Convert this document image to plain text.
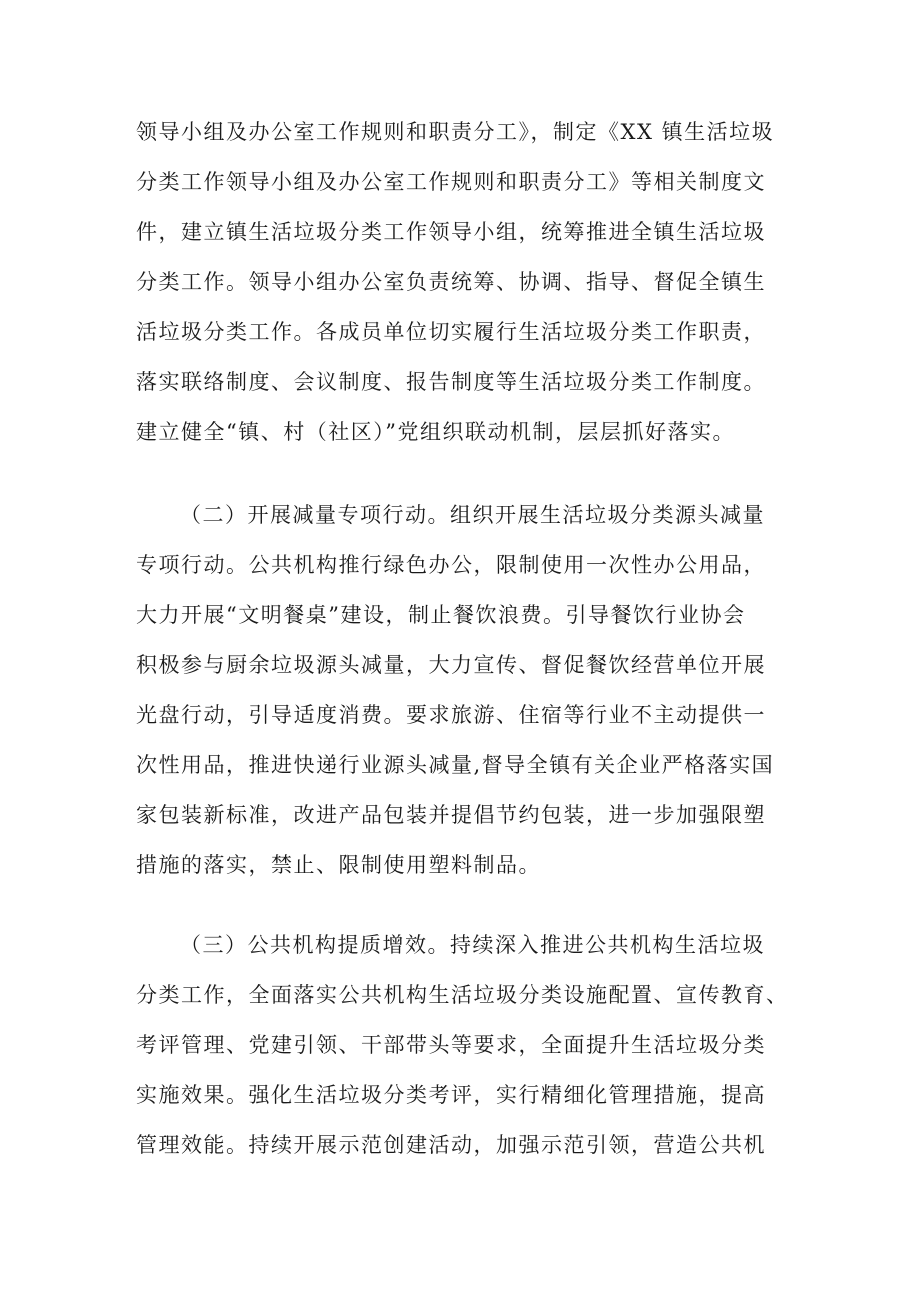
领导小组及办公室工作规则和职责分工》，制定《XX 镇生活垃圾
分类工作领导小组及办公室工作规则和职责分工》等相关制度文
件，建立镇生活垃圾分类工作领导小组，统筹推进全镇生活垃圾
分类工作。领导小组办公室负责统筹、协调、指导、督促全镇生
活垃圾分类工作。各成员单位切实履行生活垃圾分类工作职责，
落实联络制度、会议制度、报告制度等生活垃圾分类工作制度。
建立健全“镇、村（社区）”党组织联动机制，层层抓好落实。
（二）开展减量专项行动。组织开展生活垃圾分类源头减量
专项行动。公共机构推行绿色办公，限制使用一次性办公用品，
大力开展“文明餐桌”建设，制止餐饮浪费。引导餐饮行业协会
积极参与厨余垃圾源头减量，大力宣传、督促餐饮经营单位开展
光盘行动，引导适度消费。要求旅游、住宿等行业不主动提供一
次性用品，推进快递行业源头减量,督导全镇有关企业严格落实国
家包装新标准，改进产品包装并提倡节约包装，进一步加强限塑
措施的落实，禁止、限制使用塑料制品。
（三）公共机构提质增效。持续深入推进公共机构生活垃圾
分类工作，全面落实公共机构生活垃圾分类设施配置、宣传教育、
考评管理、党建引领、干部带头等要求，全面提升生活垃圾分类
实施效果。强化生活垃圾分类考评，实行精细化管理措施，提高
管理效能。持续开展示范创建活动，加强示范引领，营造公共机
